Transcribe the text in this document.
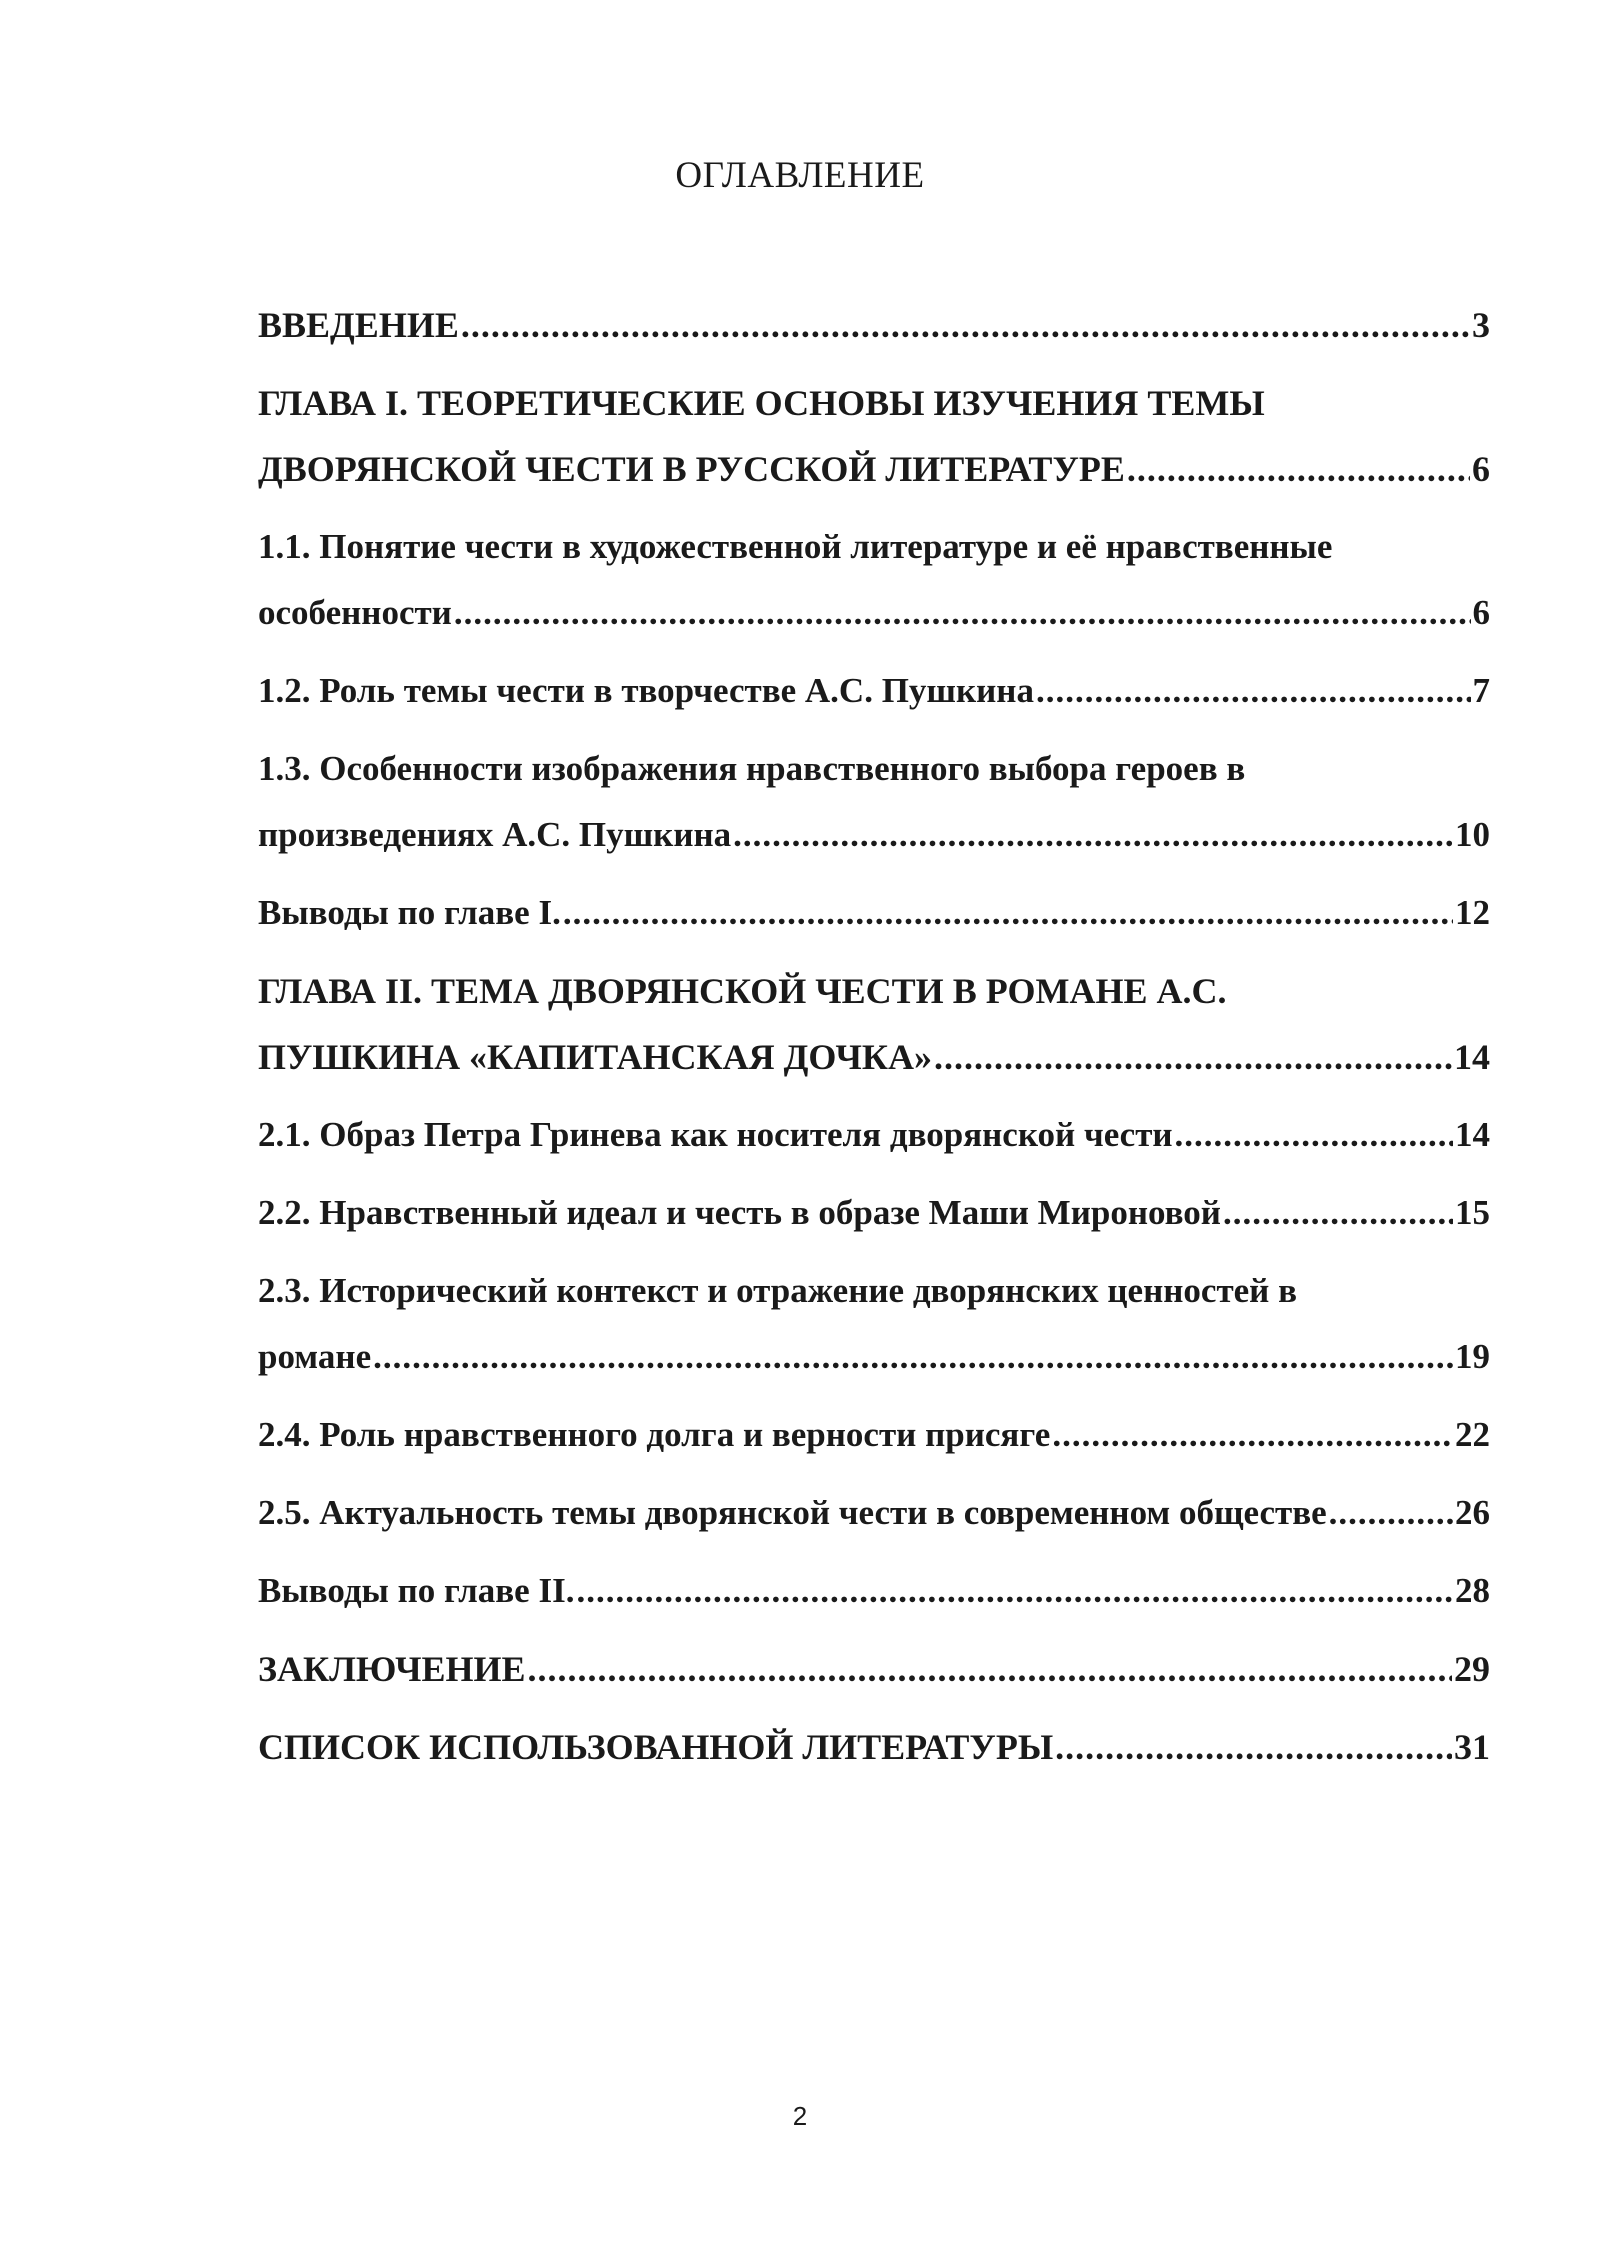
ОГЛАВЛЕНИЕ
ВВЕДЕНИЕ .....	3
ГЛАВА I. ТЕОРЕТИЧЕСКИЕ ОСНОВЫ ИЗУЧЕНИЯ ТЕМЫ
ДВОРЯНСКОЙ ЧЕСТИ В РУССКОЙ ЛИТЕРАТУРЕ .....	6
1.1. Понятие чести в художественной литературе и её нравственные
особенности .....	6
1.2. Роль темы чести в творчестве А.С. Пушкина .....	7
1.3. Особенности изображения нравственного выбора героев в
произведениях А.С. Пушкина .....	10
Выводы по главе I. .....	12
ГЛАВА II. ТЕМА ДВОРЯНСКОЙ ЧЕСТИ В РОМАНЕ А.С.
ПУШКИНА «КАПИТАНСКАЯ ДОЧКА» .....	14
2.1. Образ Петра Гринева как носителя дворянской чести .....	14
2.2. Нравственный идеал и честь в образе Маши Мироновой .....	15
2.3. Исторический контекст и отражение дворянских ценностей в
романе .....	19
2.4. Роль нравственного долга и верности присяге .....	22
2.5. Актуальность темы дворянской чести в современном обществе .....	26
Выводы по главе II. .....	28
ЗАКЛЮЧЕНИЕ .....	29
СПИСОК ИСПОЛЬЗОВАННОЙ ЛИТЕРАТУРЫ .....	31
2
